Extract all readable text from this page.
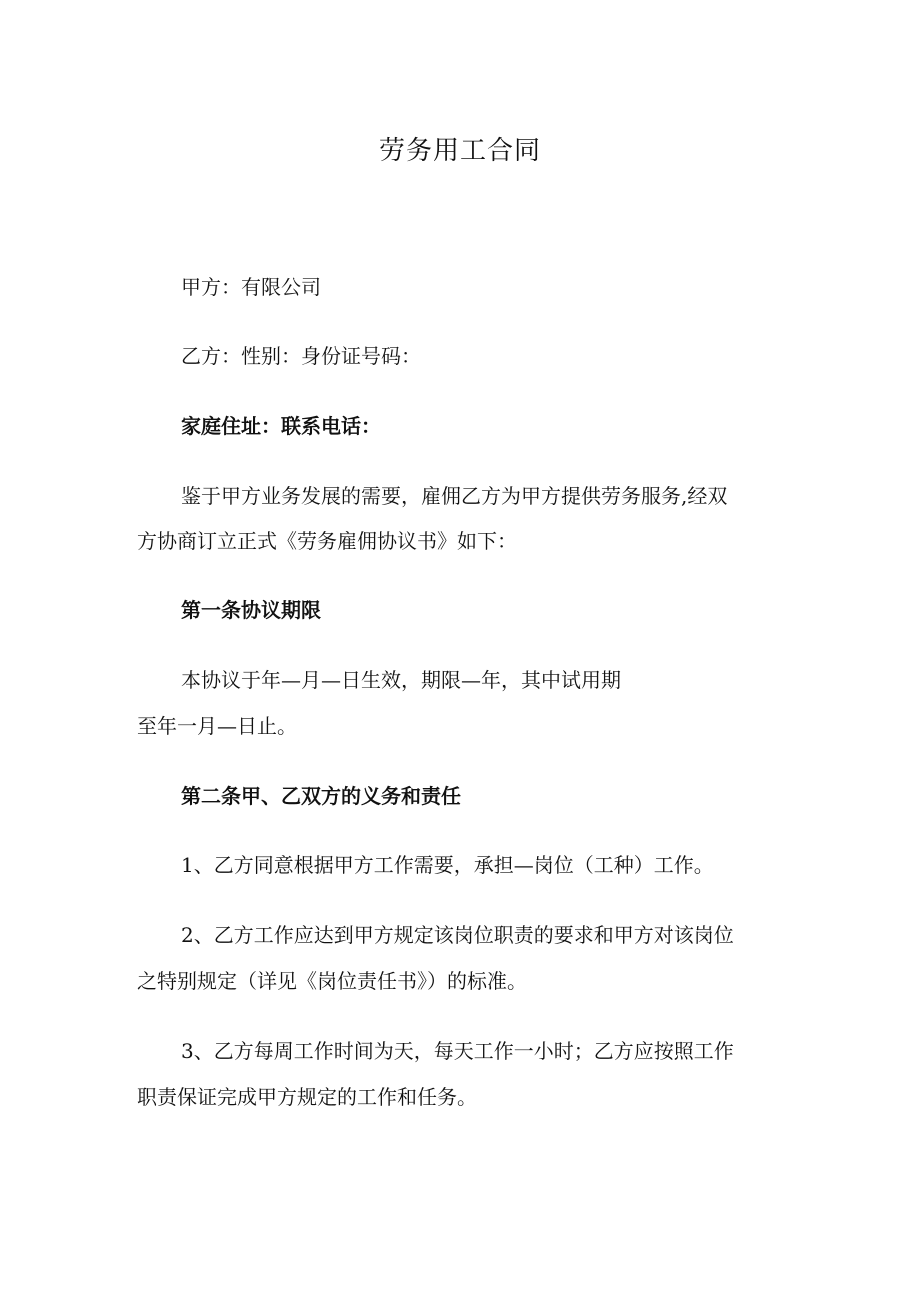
劳务用工合同
甲方：有限公司
乙方：性别：身份证号码：
家庭住址：联系电话：
鉴于甲方业务发展的需要，雇佣乙方为甲方提供劳务服务,经双
方协商订立正式《劳务雇佣协议书》如下：
第一条协议期限
本协议于年—月—日生效，期限—年，其中试用期
至年一月—日止。
第二条甲、乙双方的义务和责任
1、乙方同意根据甲方工作需要，承担—岗位（工种）工作。
2、乙方工作应达到甲方规定该岗位职责的要求和甲方对该岗位
之特别规定（详见《岗位责任书》）的标准。
3、乙方每周工作时间为天，每天工作一小时；乙方应按照工作
职责保证完成甲方规定的工作和任务。
